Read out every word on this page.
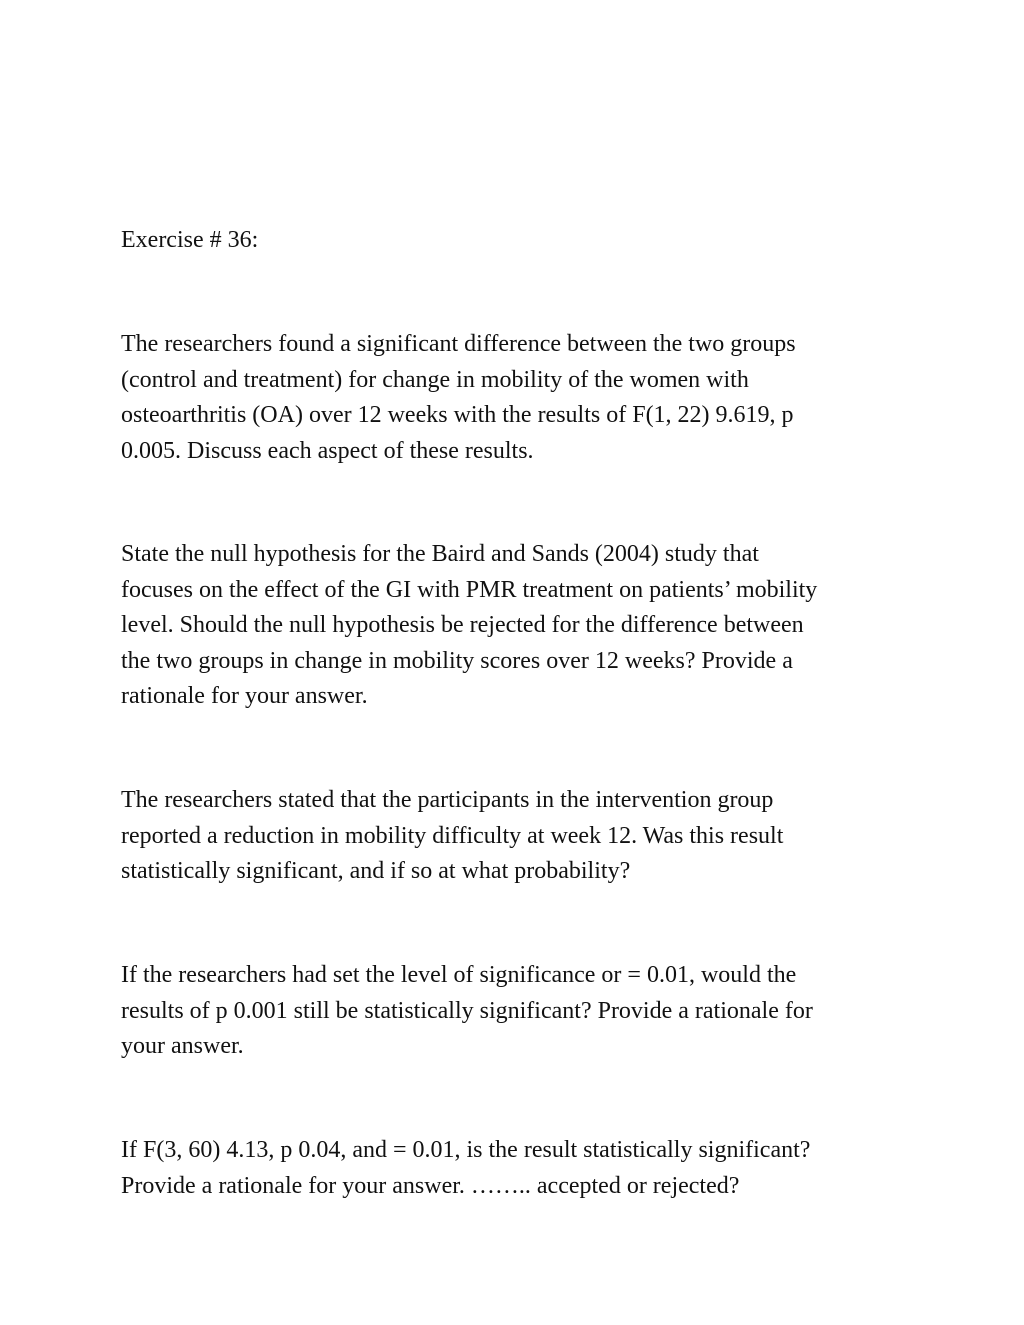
Exercise # 36:

The researchers found a significant difference between the two groups
(control and treatment) for change in mobility of the women with
osteoarthritis (OA) over 12 weeks with the results of F(1, 22) 9.619, p
0.005. Discuss each aspect of these results.

State the null hypothesis for the Baird and Sands (2004) study that
focuses on the effect of the GI with PMR treatment on patients’ mobility
level. Should the null hypothesis be rejected for the difference between
the two groups in change in mobility scores over 12 weeks? Provide a
rationale for your answer.

The researchers stated that the participants in the intervention group
reported a reduction in mobility difficulty at week 12. Was this result
statistically significant, and if so at what probability?

If the researchers had set the level of significance or = 0.01, would the
results of p 0.001 still be statistically significant? Provide a rationale for
your answer.

If F(3, 60) 4.13, p 0.04, and = 0.01, is the result statistically significant?
Provide a rationale for your answer. …….. accepted or rejected?
